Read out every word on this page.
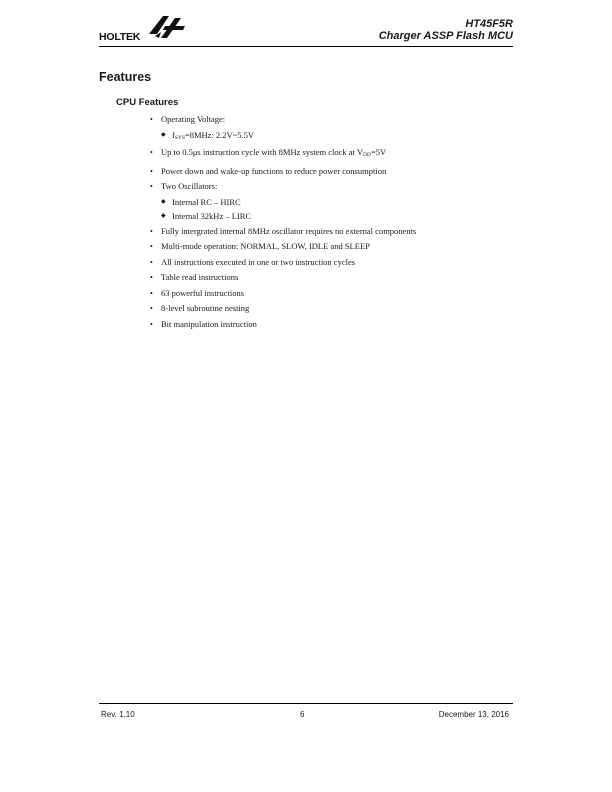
HOLTEK
HT45F5R
Charger ASSP Flash MCU
Features
CPU Features
• Operating Voltage:
◆ $f_{SYS}=8MHz$: 2.2V~5.5V
• Up to 0.5μs instruction cycle with 8MHz system clock at $V_{DD}=5V$
• Power down and wake-up functions to reduce power consumption
• Two Oscillators:
◆ Internal RC – HIRC
◆ Internal 32kHz – LIRC
• Fully intergrated internal 8MHz oscillator requires no external components
• Multi-mode operation: NORMAL, SLOW, IDLE and SLEEP
• All instructions executed in one or two instruction cycles
• Table read instructions
• 63 powerful instructions
• 8-level subroutine nesting
• Bit manipulation instruction
Rev. 1.10	6	December 13, 2016
